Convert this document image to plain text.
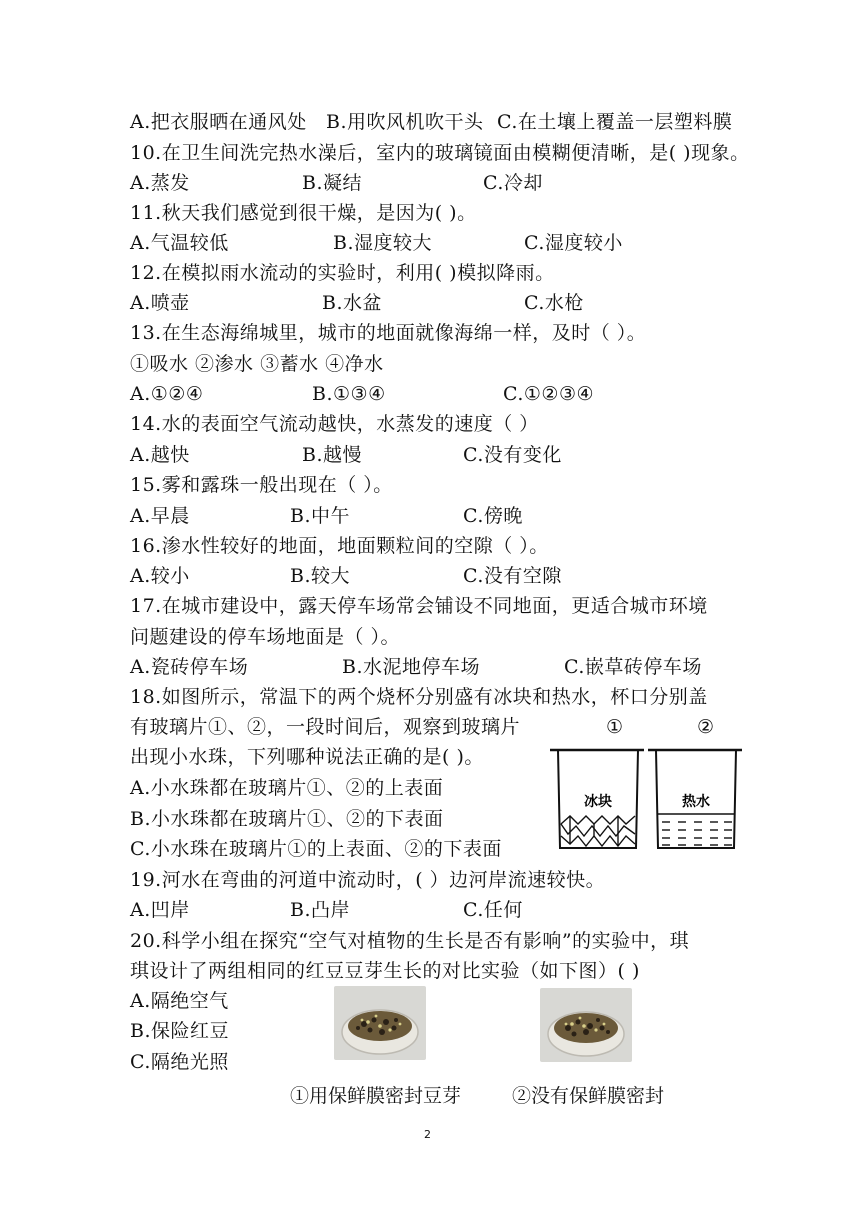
A.把衣服晒在通风处 B.用吹风机吹干头 C.在土壤上覆盖一层塑料膜
10.在卫生间洗完热水澡后，室内的玻璃镜面由模糊便清晰，是( )现象。
A.蒸发	B.凝结	C.冷却
11.秋天我们感觉到很干燥，是因为( )。
A.气温较低	B.湿度较大	C.湿度较小
12.在模拟雨水流动的实验时，利用( )模拟降雨。
A.喷壶	B.水盆	C.水枪
13.在生态海绵城里，城市的地面就像海绵一样，及时（ ）。
①吸水 ②渗水 ③蓄水 ④净水
A.①②④	B.①③④	C.①②③④
14.水的表面空气流动越快，水蒸发的速度（ ）
A.越快	B.越慢	C.没有变化
15.雾和露珠一般出现在（ ）。
A.早晨	B.中午	C.傍晚
16.渗水性较好的地面，地面颗粒间的空隙（ ）。
A.较小	B.较大	C.没有空隙
17.在城市建设中，露天停车场常会铺设不同地面，更适合城市环境
问题建设的停车场地面是（ ）。
A.瓷砖停车场	B.水泥地停车场	C.嵌草砖停车场
18.如图所示，常温下的两个烧杯分别盛有冰块和热水，杯口分别盖
有玻璃片①、②，一段时间后，观察到玻璃片	①	②
出现小水珠，下列哪种说法正确的是( )。
A.小水珠都在玻璃片①、②的上表面
B.小水珠都在玻璃片①、②的下表面
C.小水珠在玻璃片①的上表面、②的下表面
冰块	热水
19.河水在弯曲的河道中流动时，( ）边河岸流速较快。
A.凹岸	B.凸岸	C.任何
20.科学小组在探究“空气对植物的生长是否有影响”的实验中，琪
琪设计了两组相同的红豆豆芽生长的对比实验（如下图）( )
A.隔绝空气
B.保险红豆
C.隔绝光照
①用保鲜膜密封豆芽	②没有保鲜膜密封
2
